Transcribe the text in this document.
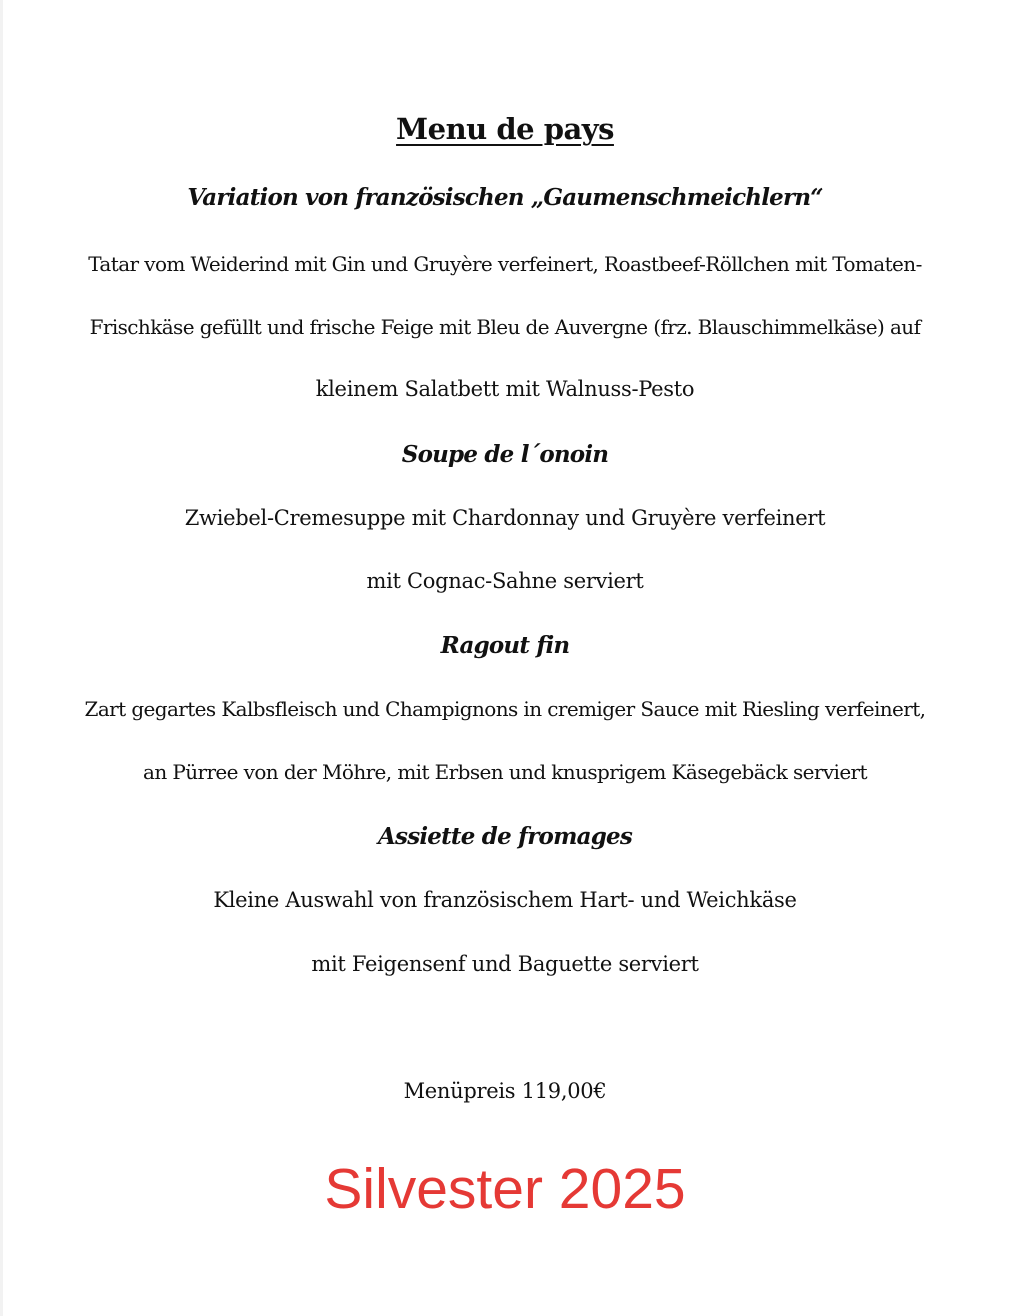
Menu de pays
Variation von französischen „Gaumenschmeichlern“
Tatar vom Weiderind mit Gin und Gruyère verfeinert, Roastbeef-Röllchen mit Tomaten-
Frischkäse gefüllt und frische Feige mit Bleu de Auvergne (frz. Blauschimmelkäse) auf
kleinem Salatbett mit Walnuss-Pesto
Soupe de l´onoin
Zwiebel-Cremesuppe mit Chardonnay und Gruyère verfeinert
mit Cognac-Sahne serviert
Ragout fin
Zart gegartes Kalbsfleisch und Champignons in cremiger Sauce mit Riesling verfeinert,
an Pürree von der Möhre, mit Erbsen und knusprigem Käsegebäck serviert
Assiette de fromages
Kleine Auswahl von französischem Hart- und Weichkäse
mit Feigensenf und Baguette serviert
Menüpreis 119,00€
Silvester 2025
